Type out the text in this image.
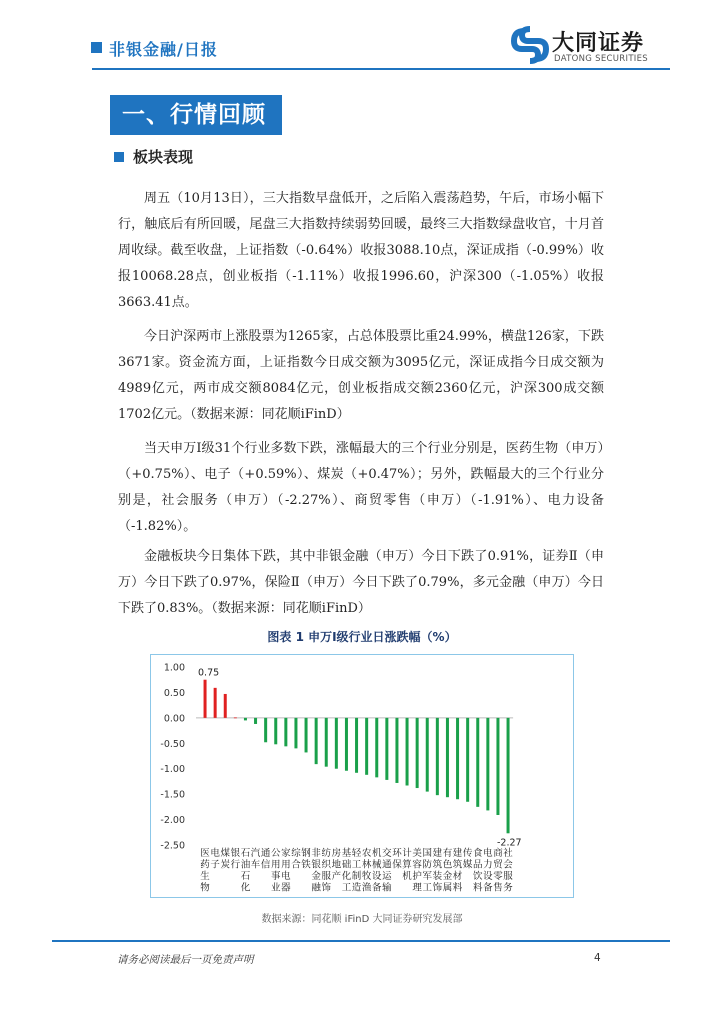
非银金融/日报	大同证券
DATONG SECURITIES
一、行情回顾
板块表现
周五（10月13日），三大指数早盘低开，之后陷入震荡趋势，午后，市场小幅下行，触底后有所回暖，尾盘三大指数持续弱势回暖，最终三大指数绿盘收官，十月首周收绿。截至收盘，上证指数（-0.64%）收报3088.10点，深证成指（-0.99%）收报10068.28点，创业板指（-1.11%）收报1996.60，沪深300（-1.05%）收报3663.41点。
今日沪深两市上涨股票为1265家，占总体股票比重24.99%，横盘126家，下跌3671家。资金流方面，上证指数今日成交额为3095亿元，深证成指今日成交额为4989亿元，两市成交额8084亿元，创业板指成交额2360亿元，沪深300成交额1702亿元。（数据来源：同花顺iFinD）
当天申万Ⅰ级31个行业多数下跌，涨幅最大的三个行业分别是，医药生物（申万）（+0.75%）、电子（+0.59%）、煤炭（+0.47%）；另外，跌幅最大的三个行业分别是，社会服务（申万）（-2.27%）、商贸零售（申万）（-1.91%）、电力设备（-1.82%）。
金融板块今日集体下跌，其中非银金融（申万）今日下跌了0.91%，证券Ⅱ（申万）今日下跌了0.97%，保险Ⅱ（申万）今日下跌了0.79%，多元金融（申万）今日下跌了0.83%。（数据来源：同花顺iFinD）
图表 1 申万Ⅰ级行业日涨跌幅（%）
1.00
0.50
0.00
-0.50
-1.00
-1.50
-2.00
-2.50
0.75
-2.27
医药生物
电子
煤炭
银行
石油石化
汽车
通信
公用事业
家用电器
综合
钢铁
非银金融
纺织服饰
房地产
基础化工
轻工制造
农林牧渔
机械设备
交通运输
环保
计算机
美容护理
国防军工
建筑装饰
有色金属
建筑材料
传媒
食品饮料
电力设备
商贸零售
社会服务
数据来源：同花顺 iFinD 大同证券研究发展部
请务必阅读最后一页免责声明	4
